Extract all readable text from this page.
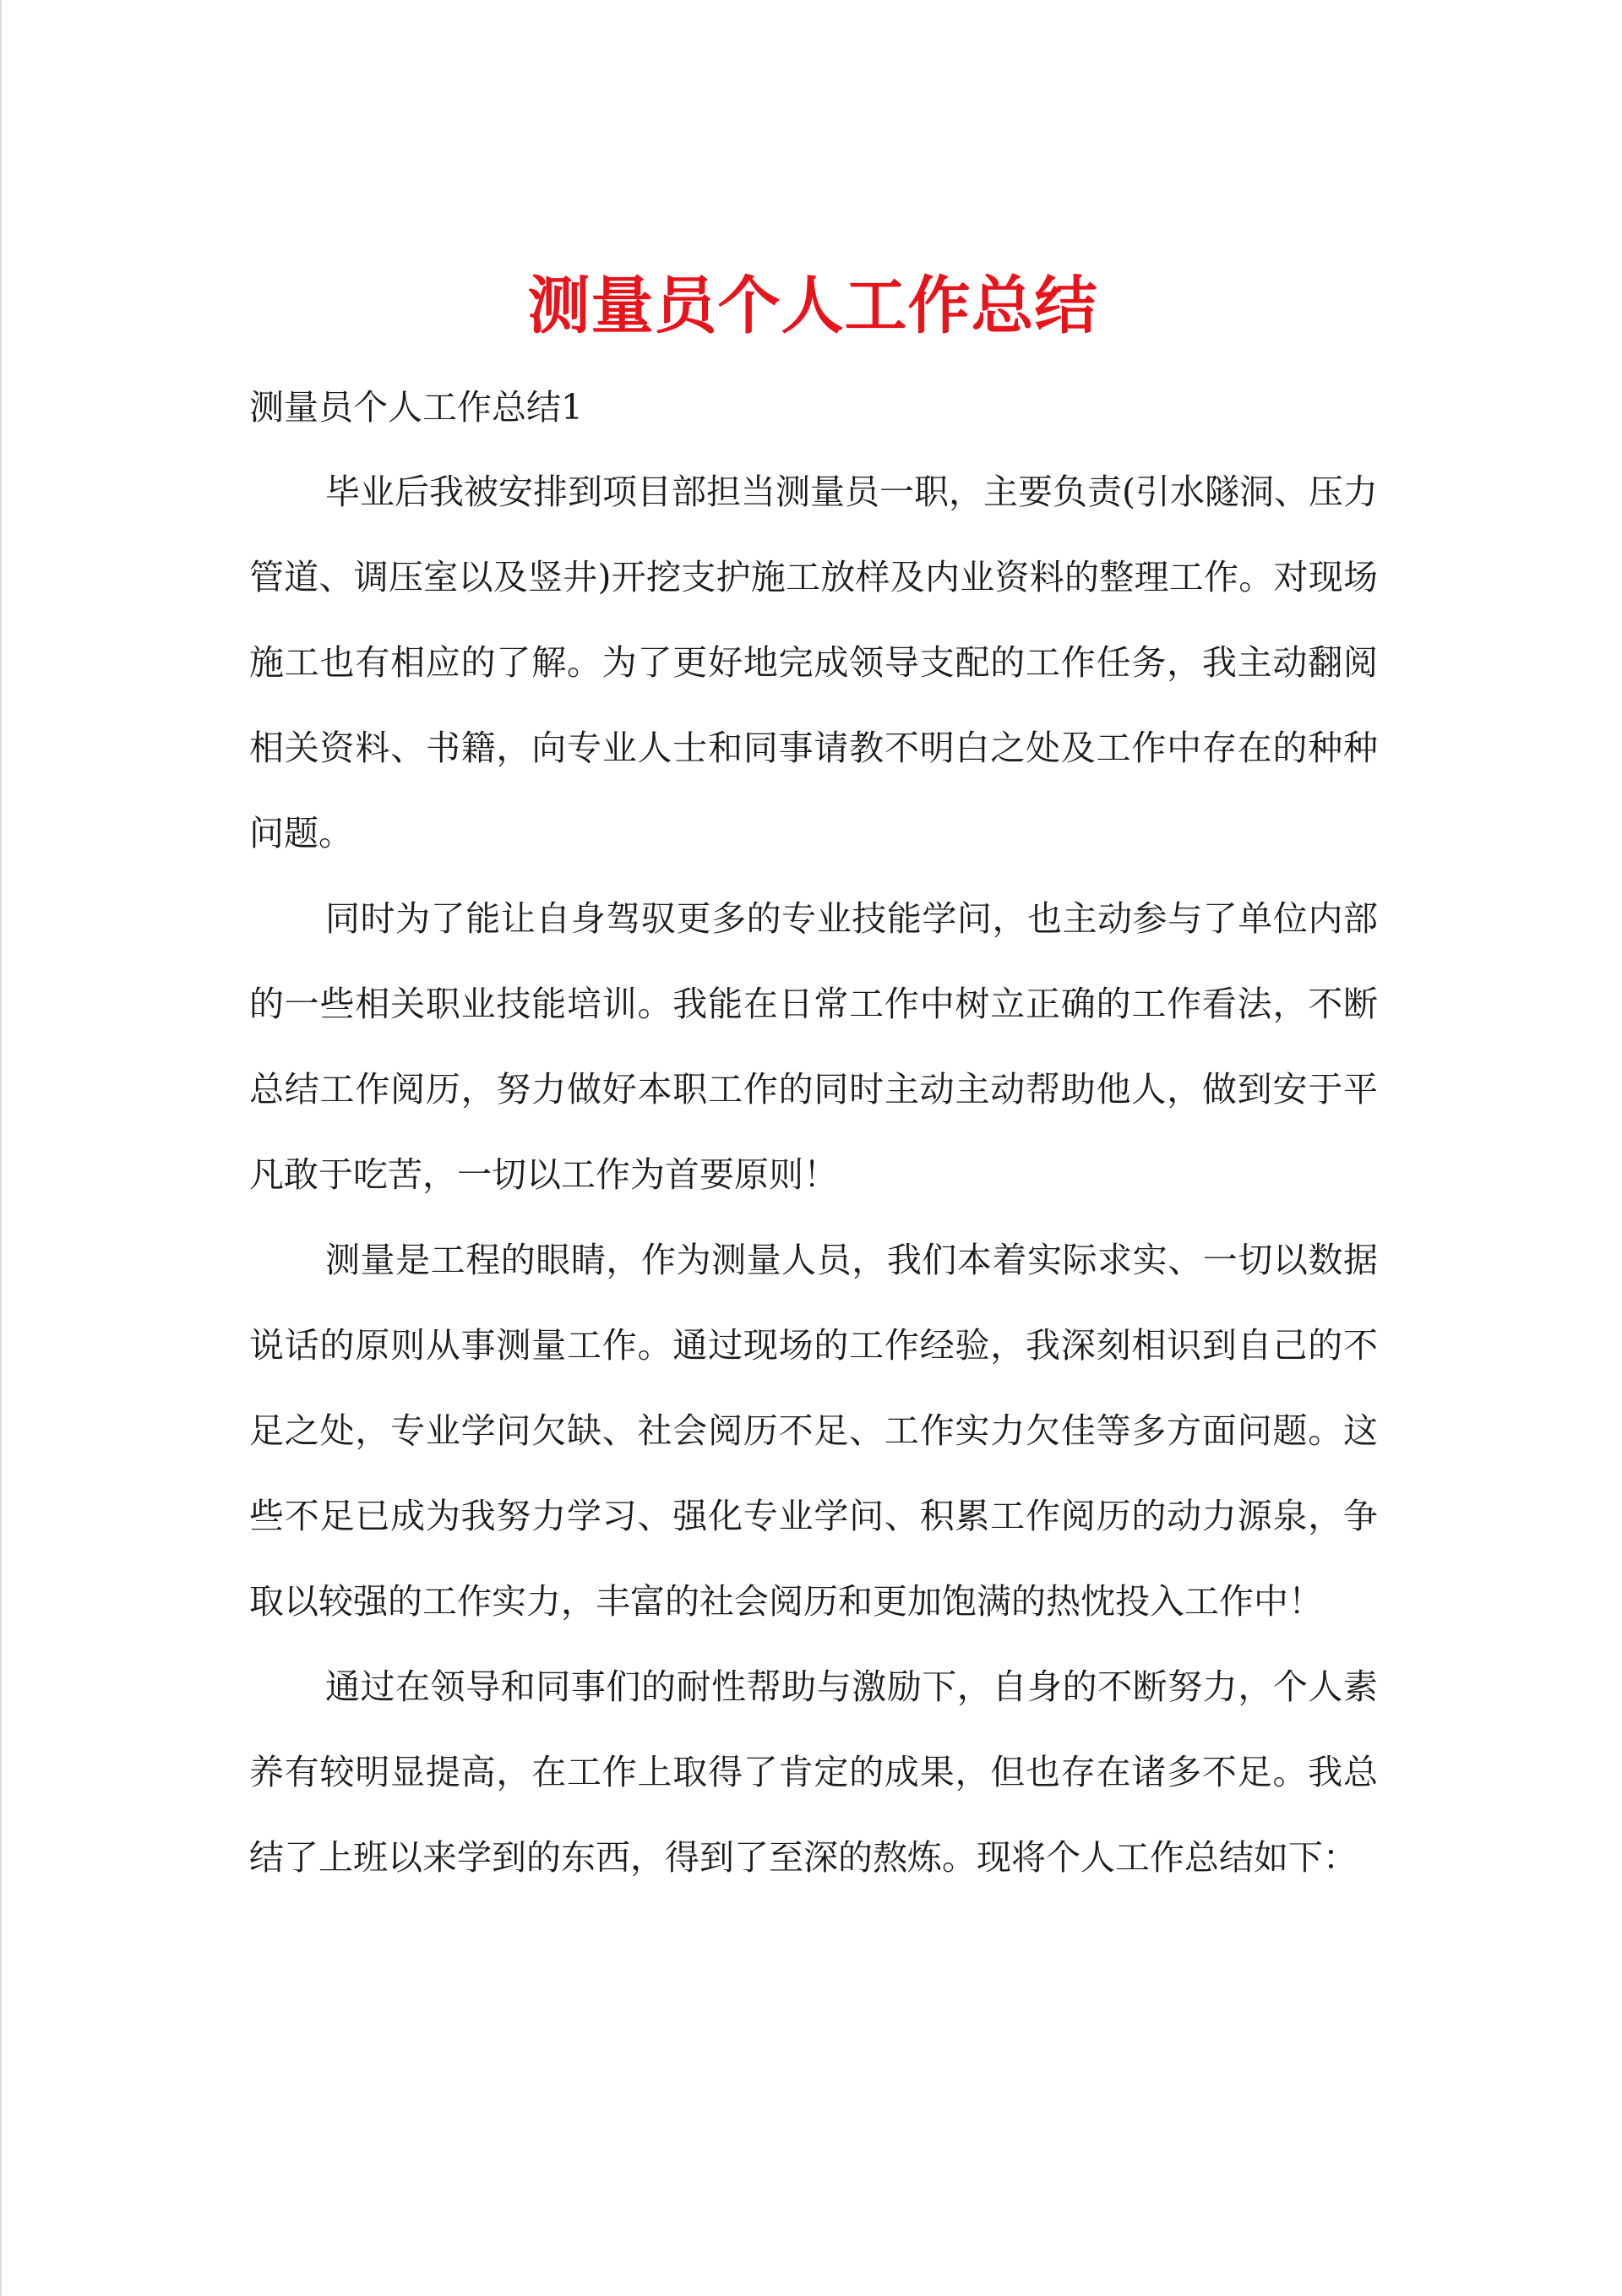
测量员个人工作总结

测量员个人工作总结1

毕业后我被安排到项目部担当测量员一职，主要负责(引水隧洞、压力管道、调压室以及竖井)开挖支护施工放样及内业资料的整理工作。对现场施工也有相应的了解。为了更好地完成领导支配的工作任务，我主动翻阅相关资料、书籍，向专业人士和同事请教不明白之处及工作中存在的种种问题。

同时为了能让自身驾驭更多的专业技能学问，也主动参与了单位内部的一些相关职业技能培训。我能在日常工作中树立正确的工作看法，不断总结工作阅历，努力做好本职工作的同时主动主动帮助他人，做到安于平凡敢于吃苦，一切以工作为首要原则！

测量是工程的眼睛，作为测量人员，我们本着实际求实、一切以数据说话的原则从事测量工作。通过现场的工作经验，我深刻相识到自己的不足之处，专业学问欠缺、社会阅历不足、工作实力欠佳等多方面问题。这些不足已成为我努力学习、强化专业学问、积累工作阅历的动力源泉，争取以较强的工作实力，丰富的社会阅历和更加饱满的热忱投入工作中！

通过在领导和同事们的耐性帮助与激励下，自身的不断努力，个人素养有较明显提高，在工作上取得了肯定的成果，但也存在诸多不足。我总结了上班以来学到的东西，得到了至深的熬炼。现将个人工作总结如下：
